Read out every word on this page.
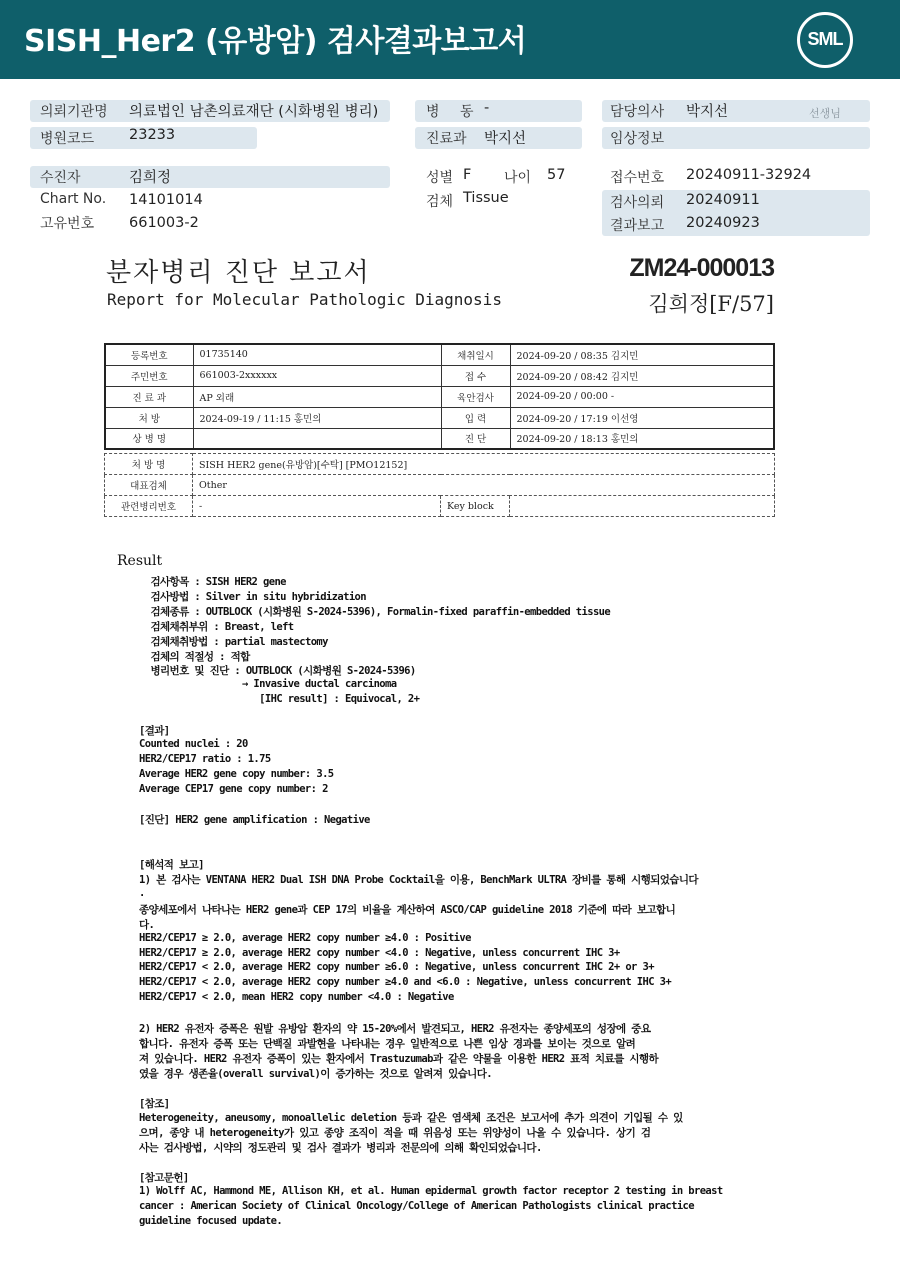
SISH_Her2 (유방암) 검사결과보고서	SML
의뢰기관명 의료법인 남촌의료재단 (시화병원 병리)
병원코드 23233
병 동 -
진료과 박지선
담당의사 박지선	선생님
임상정보
수진자	김희정
Chart No. 14101014
고유번호 661003-2
성별 F 나이 57
검체 Tissue
접수번호 20240911-32924
검사의뢰 20240911
결과보고 20240923
분자병리 진단 보고서
Report for Molecular Pathologic Diagnosis
ZM24-000013
김희정[F/57]
등록번호	01735140	채취일시	2024-09-20 / 08:35 김지민
주민번호	661003-2xxxxxx	접 수	2024-09-20 / 08:42 김지민
진 료 과	AP 외래	육안검사	2024-09-20 / 00:00 -
처 방	2024-09-19 / 11:15 홍민의	입 력	2024-09-20 / 17:19 이선영
상 병 명		진 단	2024-09-20 / 18:13 홍민의
처 방 명	SISH HER2 gene(유방암)[수탁] [PMO12152]		
대표검체	Other		
관련병리번호	-	Key block	
Result
검사항목 : SISH HER2 gene
검사방법 : Silver in situ hybridization
검체종류 : OUTBLOCK (시화병원 S-2024-5396), Formalin-fixed paraffin-embedded tissue
검체채취부위 : Breast, left
검체채취방법 : partial mastectomy
검체의 적절성 : 적합
병리번호 및 진단 : OUTBLOCK (시화병원 S-2024-5396)
→ Invasive ductal carcinoma
[IHC result] : Equivocal, 2+
[결과]
Counted nuclei : 20
HER2/CEP17 ratio : 1.75
Average HER2 gene copy number: 3.5
Average CEP17 gene copy number: 2
[진단] HER2 gene amplification : Negative
[해석적 보고]
1) 본 검사는 VENTANA HER2 Dual ISH DNA Probe Cocktail을 이용, BenchMark ULTRA 장비를 통해 시행되었습니다
.
종양세포에서 나타나는 HER2 gene과 CEP 17의 비율을 계산하여 ASCO/CAP guideline 2018 기준에 따라 보고합니
다.
HER2/CEP17 ≥ 2.0, average HER2 copy number ≥4.0 : Positive
HER2/CEP17 ≥ 2.0, average HER2 copy number <4.0 : Negative, unless concurrent IHC 3+
HER2/CEP17 < 2.0, average HER2 copy number ≥6.0 : Negative, unless concurrent IHC 2+ or 3+
HER2/CEP17 < 2.0, average HER2 copy number ≥4.0 and <6.0 : Negative, unless concurrent IHC 3+
HER2/CEP17 < 2.0, mean HER2 copy number <4.0 : Negative
2) HER2 유전자 증폭은 원발 유방암 환자의 약 15-20%에서 발견되고, HER2 유전자는 종양세포의 성장에 중요
합니다. 유전자 증폭 또는 단백질 과발현을 나타내는 경우 일반적으로 나쁜 임상 경과를 보이는 것으로 알려
져 있습니다. HER2 유전자 증폭이 있는 환자에서 Trastuzumab과 같은 약물을 이용한 HER2 표적 치료를 시행하
였을 경우 생존율(overall survival)이 증가하는 것으로 알려져 있습니다.
[참조]
Heterogeneity, aneusomy, monoallelic deletion 등과 같은 염색체 조건은 보고서에 추가 의견이 기입될 수 있
으며, 종양 내 heterogeneity가 있고 종양 조직이 적을 때 위음성 또는 위양성이 나올 수 있습니다. 상기 검
사는 검사방법, 시약의 정도관리 및 검사 결과가 병리과 전문의에 의해 확인되었습니다.
[참고문헌]
1) Wolff AC, Hammond ME, Allison KH, et al. Human epidermal growth factor receptor 2 testing in breast
cancer : American Society of Clinical Oncology/College of American Pathologists clinical practice
guideline focused update.
